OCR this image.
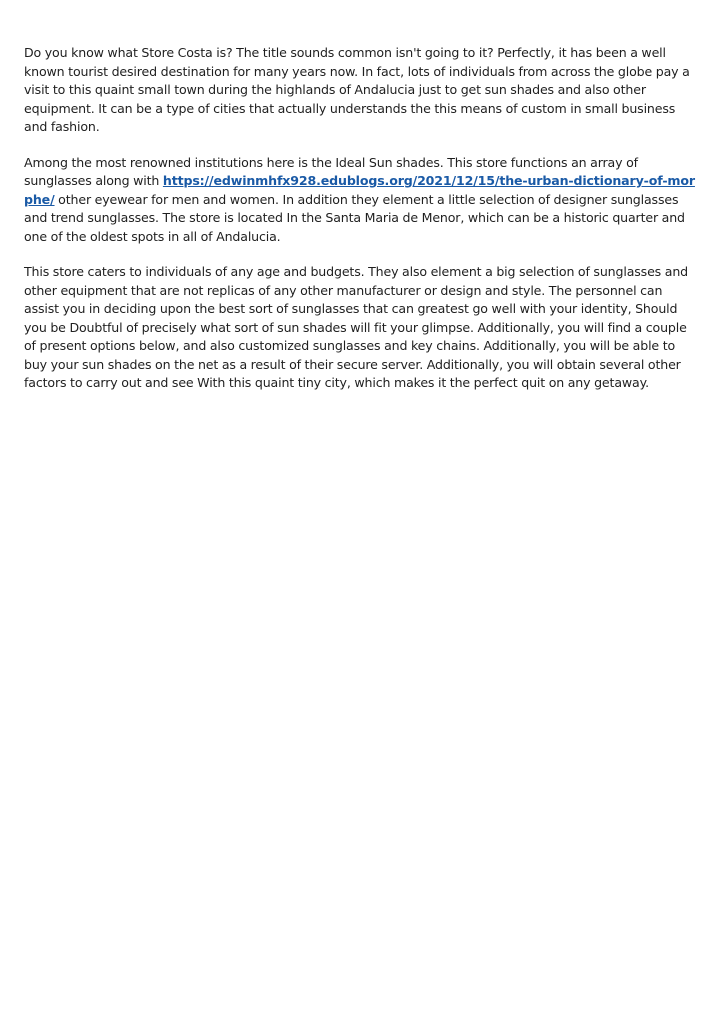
Do you know what Store Costa is? The title sounds common isn't going to it? Perfectly, it has been a well known tourist desired destination for many years now. In fact, lots of individuals from across the globe pay a visit to this quaint small town during the highlands of Andalucia just to get sun shades and also other equipment. It can be a type of cities that actually understands the this means of custom in small business and fashion.

Among the most renowned institutions here is the Ideal Sun shades. This store functions an array of sunglasses along with https://edwinmhfx928.edublogs.org/2021/12/15/the-urban-dictionary-of-morphe/ other eyewear for men and women. In addition they element a little selection of designer sunglasses and trend sunglasses. The store is located In the Santa Maria de Menor, which can be a historic quarter and one of the oldest spots in all of Andalucia.

This store caters to individuals of any age and budgets. They also element a big selection of sunglasses and other equipment that are not replicas of any other manufacturer or design and style. The personnel can assist you in deciding upon the best sort of sunglasses that can greatest go well with your identity, Should you be Doubtful of precisely what sort of sun shades will fit your glimpse. Additionally, you will find a couple of present options below, and also customized sunglasses and key chains. Additionally, you will be able to buy your sun shades on the net as a result of their secure server. Additionally, you will obtain several other factors to carry out and see With this quaint tiny city, which makes it the perfect quit on any getaway.
